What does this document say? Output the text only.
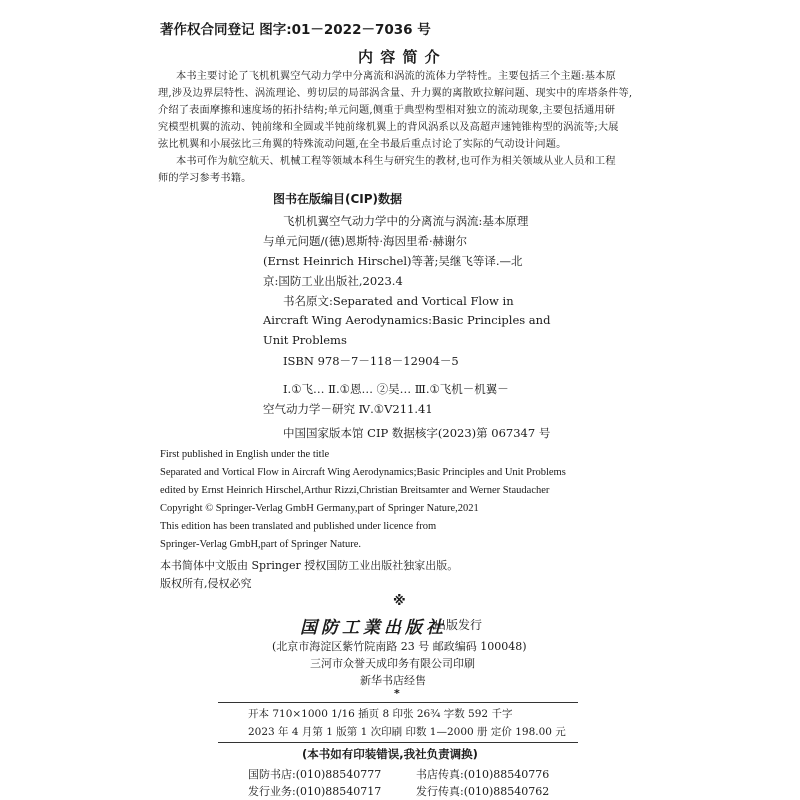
著作权合同登记 图字:01－2022－7036 号
内 容 简 介
本书主要讨论了飞机机翼空气动力学中分离流和涡流的流体力学特性。主要包括三个主题:基本原
理,涉及边界层特性、涡流理论、剪切层的局部涡含量、升力翼的离散欧拉解问题、现实中的库塔条件等,
介绍了表面摩擦和速度场的拓扑结构;单元问题,侧重于典型构型相对独立的流动现象,主要包括通用研
究模型机翼的流动、钝前缘和全圆或半钝前缘机翼上的背风涡系以及高超声速钝锥构型的涡流等;大展
弦比机翼和小展弦比三角翼的特殊流动问题,在全书最后重点讨论了实际的气动设计问题。
本书可作为航空航天、机械工程等领域本科生与研究生的教材,也可作为相关领域从业人员和工程
师的学习参考书籍。
图书在版编目(CIP)数据
飞机机翼空气动力学中的分离流与涡流:基本原理
与单元问题/(德)恩斯特·海因里希·赫谢尔
(Ernst Heinrich Hirschel)等著;吴继飞等译.—北
京:国防工业出版社,2023.4
书名原文:Separated and Vortical Flow in
Aircraft Wing Aerodynamics:Basic Principles and
Unit Problems
ISBN 978－7－118－12904－5
Ⅰ.①飞… Ⅱ.①恩… ②吴… Ⅲ.①飞机－机翼－
空气动力学－研究 Ⅳ.①V211.41
中国国家版本馆 CIP 数据核字(2023)第 067347 号
First published in English under the title
Separated and Vortical Flow in Aircraft Wing Aerodynamics;Basic Principles and Unit Problems
edited by Ernst Heinrich Hirschel,Arthur Rizzi,Christian Breitsamter and Werner Staudacher
Copyright © Springer-Verlag GmbH Germany,part of Springer Nature,2021
This edition has been translated and published under licence from
Springer-Verlag GmbH,part of Springer Nature.
本书简体中文版由 Springer 授权国防工业出版社独家出版。
版权所有,侵权必究
※
国防工業出版社
出版发行
(北京市海淀区紫竹院南路 23 号 邮政编码 100048)
三河市众誉天成印务有限公司印刷
新华书店经售
*
开本 710×1000 1/16 插页 8 印张 26¾ 字数 592 千字
2023 年 4 月第 1 版第 1 次印刷 印数 1—2000 册 定价 198.00 元
(本书如有印装错误,我社负责调换)
国防书店:(010)88540777	书店传真:(010)88540776
发行业务:(010)88540717	发行传真:(010)88540762
